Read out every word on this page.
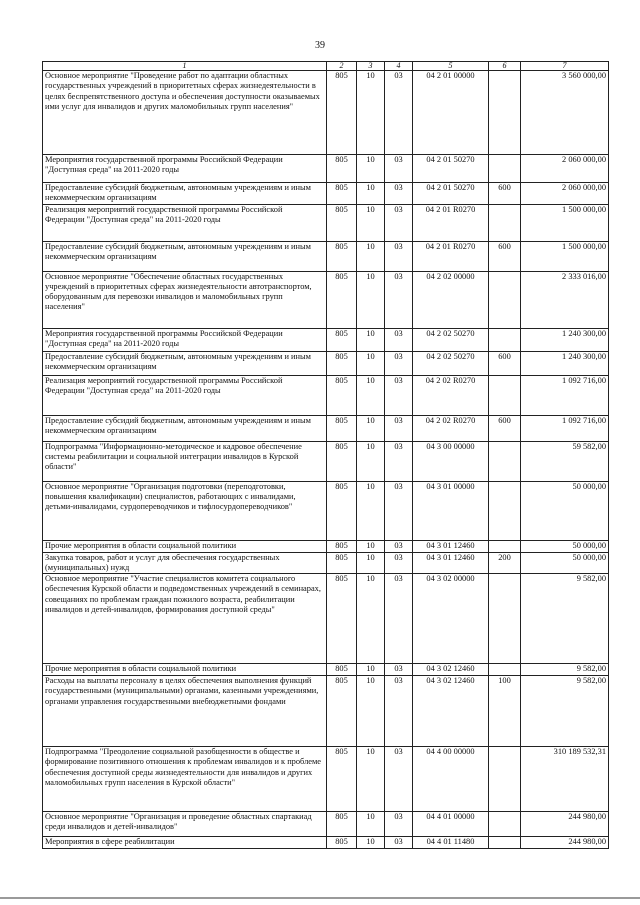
39
1	2	3	4	5	6	7
Основное мероприятие "Проведение работ по адаптации областных государственных учреждений в приоритетных сферах жизнедеятельности в целях беспрепятственного доступа и обеспечения доступности оказываемых ими услуг для инвалидов и других маломобильных групп населения"	805	10	03	04 2 01 00000		3 560 000,00
Мероприятия государственной программы Российской Федерации "Доступная среда" на 2011-2020 годы	805	10	03	04 2 01 50270		2 060 000,00
Предоставление субсидий бюджетным, автономным учреждениям и иным некоммерческим организациям	805	10	03	04 2 01 50270	600	2 060 000,00
Реализация мероприятий государственной программы Российской Федерации "Доступная среда" на 2011-2020 годы	805	10	03	04 2 01 R0270		1 500 000,00
Предоставление субсидий бюджетным, автономным учреждениям и иным некоммерческим организациям	805	10	03	04 2 01 R0270	600	1 500 000,00
Основное мероприятие "Обеспечение областных государственных учреждений в приоритетных сферах жизнедеятельности автотранспортом, оборудованным для перевозки инвалидов и маломобильных групп населения"	805	10	03	04 2 02 00000		2 333 016,00
Мероприятия государственной программы Российской Федерации "Доступная среда" на 2011-2020 годы	805	10	03	04 2 02 50270		1 240 300,00
Предоставление субсидий бюджетным, автономным учреждениям и иным некоммерческим организациям	805	10	03	04 2 02 50270	600	1 240 300,00
Реализация мероприятий государственной программы Российской Федерации "Доступная среда" на 2011-2020 годы	805	10	03	04 2 02 R0270		1 092 716,00
Предоставление субсидий бюджетным, автономным учреждениям и иным некоммерческим организациям	805	10	03	04 2 02 R0270	600	1 092 716,00
Подпрограмма "Информационно-методическое и кадровое обеспечение системы реабилитации и социальной интеграции инвалидов в Курской области"	805	10	03	04 3 00 00000		59 582,00
Основное мероприятие "Организация подготовки (переподготовки, повышения квалификации) специалистов, работающих с инвалидами, детьми-инвалидами, сурдопереводчиков и тифлосурдопереводчиков"	805	10	03	04 3 01 00000		50 000,00
Прочие мероприятия в области социальной политики	805	10	03	04 3 01 12460		50 000,00
Закупка товаров, работ и услуг для обеспечения государственных (муниципальных) нужд	805	10	03	04 3 01 12460	200	50 000,00
Основное мероприятие "Участие специалистов комитета социального обеспечения Курской области и подведомственных учреждений в семинарах, совещаниях по проблемам граждан пожилого возраста, реабилитации инвалидов и детей-инвалидов, формирования доступной среды"	805	10	03	04 3 02 00000		9 582,00
Прочие мероприятия в области социальной политики	805	10	03	04 3 02 12460		9 582,00
Расходы на выплаты персоналу в целях обеспечения выполнения функций государственными (муниципальными) органами, казенными учреждениями, органами управления государственными внебюджетными фондами	805	10	03	04 3 02 12460	100	9 582,00
Подпрограмма "Преодоление социальной разобщенности в обществе и формирование позитивного отношения к проблемам инвалидов и к проблеме обеспечения доступной среды жизнедеятельности для инвалидов и других маломобильных групп населения в Курской области"	805	10	03	04 4 00 00000		310 189 532,31
Основное мероприятие "Организация и проведение областных спартакиад среди инвалидов и детей-инвалидов"	805	10	03	04 4 01 00000		244 980,00
Мероприятия в сфере реабилитации	805	10	03	04 4 01 11480		244 980,00
